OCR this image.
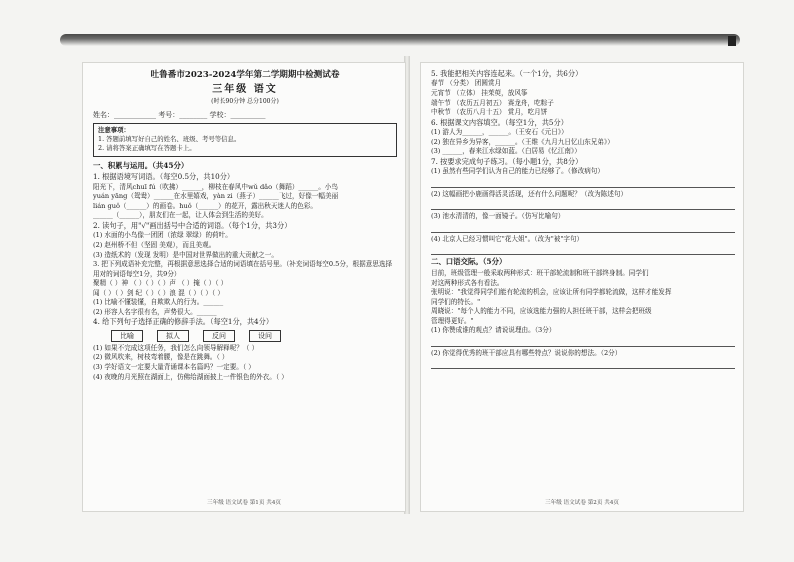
吐鲁番市2023-2024学年第二学期期中检测试卷
三年级 语文
(时长90分钟 总分100分)
姓名：____________ 考号：________ 学校：__________
注意事项：
1. 答题前填写好自己的姓名、班级、考号等信息。
2. 请将答案正确填写在答题卡上。
一、积累与运用。（共45分）
1. 根据语境写词语。（每空0.5分，共10分）
阳光下，清风chuī fú（吹拂）______，柳枝在春风中wǔ dǎo（舞蹈）______。小鸟
yuán yāng（鸳鸯）______在水里嬉戏，yàn zi（燕子）______飞过，好像一幅美丽
lián guǒ（______）的画卷。huǒ（______）的花开，露出秋天迷人的色彩。
______（______），朋友们在一起，让人体会到生活的美好。
2. 读句子，用"√"画出括号中合适的词语。（每个1分，共3分）
(1) 水面的小鸟像一团团（浓绿 翠绿）的荷叶。
(2) 赵州桥不但（坚固 美观），而且美观。
(3) 造纸术的（发现 发明）是中国对世界做出的重大贡献之一。
3. 把下列成语补充完整，再根据意思选择合适的词语填在括号里。（补充词语每空0.5分，根据意思选择用对的词语每空1分，共9分）
聚精（ ）神 （ ）（ ）（ ）声 （ ）掩（ ）（ ）
闻（ ）（ ）剑 纪（ ）（ ）浪 混（ ）（ ）（ ）
(1) 比喻不懂装懂，自欺欺人的行为。______
(2) 形容人名字很有名，声势很大。______
4. 给下列句子选择正确的修辞手法。（每空1分，共4分）
比喻	拟人	反问	设问
(1) 如果不完成这项任务，我们怎么向领导解释呢？（ ）
(2) 微风吹来，树枝弯着腰，像是在跳舞。（ ）
(3) 学好语文一定要大量背诵课本名篇吗？一定要。（ ）
(4) 夜晚的月光照在湖面上，仿佛给湖面披上一件银色的外衣。（ ）
三年级 语文试卷 第1页 共4页
5. 我能把相关内容连起来。（一个1分，共6分）
春节 （分类） 团圆赏月
元宵节 （立体） 挂茱萸，放风筝
端午节 （农历五月初五） 赛龙舟，吃粽子
中秋节 （农历八月十五） 赏月，吃月饼
6. 根据课文内容填空。（每空1分，共5分）
(1) 游人为______，______。（王安石《元日》）
(2) 独在异乡为异客，______。（王维《九月九日忆山东兄弟》）
(3) ______，春来江水绿如蓝。（白居易《忆江南》）
7. 按要求完成句子练习。（每小题1分，共8分）
(1) 虽然有些同学们认为自己的能力已经够了。（修改病句）
(2) 这幅画把小鹿画得活灵活现，还有什么问题呢？（改为陈述句）
(3) 池水清清的，像一面镜子。（仿写比喻句）
(4) 北京人已经习惯叫它"花大姐"。（改为"被"字句）
二、口语交际。（5分）
目前，班级管理一般采取两种形式：班干部轮流制和班干部终身制。同学们
对这两种形式各有看法。
张明说："我觉得同学们能有轮流的机会，应该让所有同学都轮流做，这样才能发挥
同学们的特长。"
周晓说："每个人的能力不同，应该选能力强的人担任班干部，这样会把班级
管理得更好。"
(1) 你赞成谁的观点？请说说理由。（3分）
(2) 你觉得优秀的班干部应具有哪些特点？说说你的想法。（2分）
三年级 语文试卷 第2页 共4页
